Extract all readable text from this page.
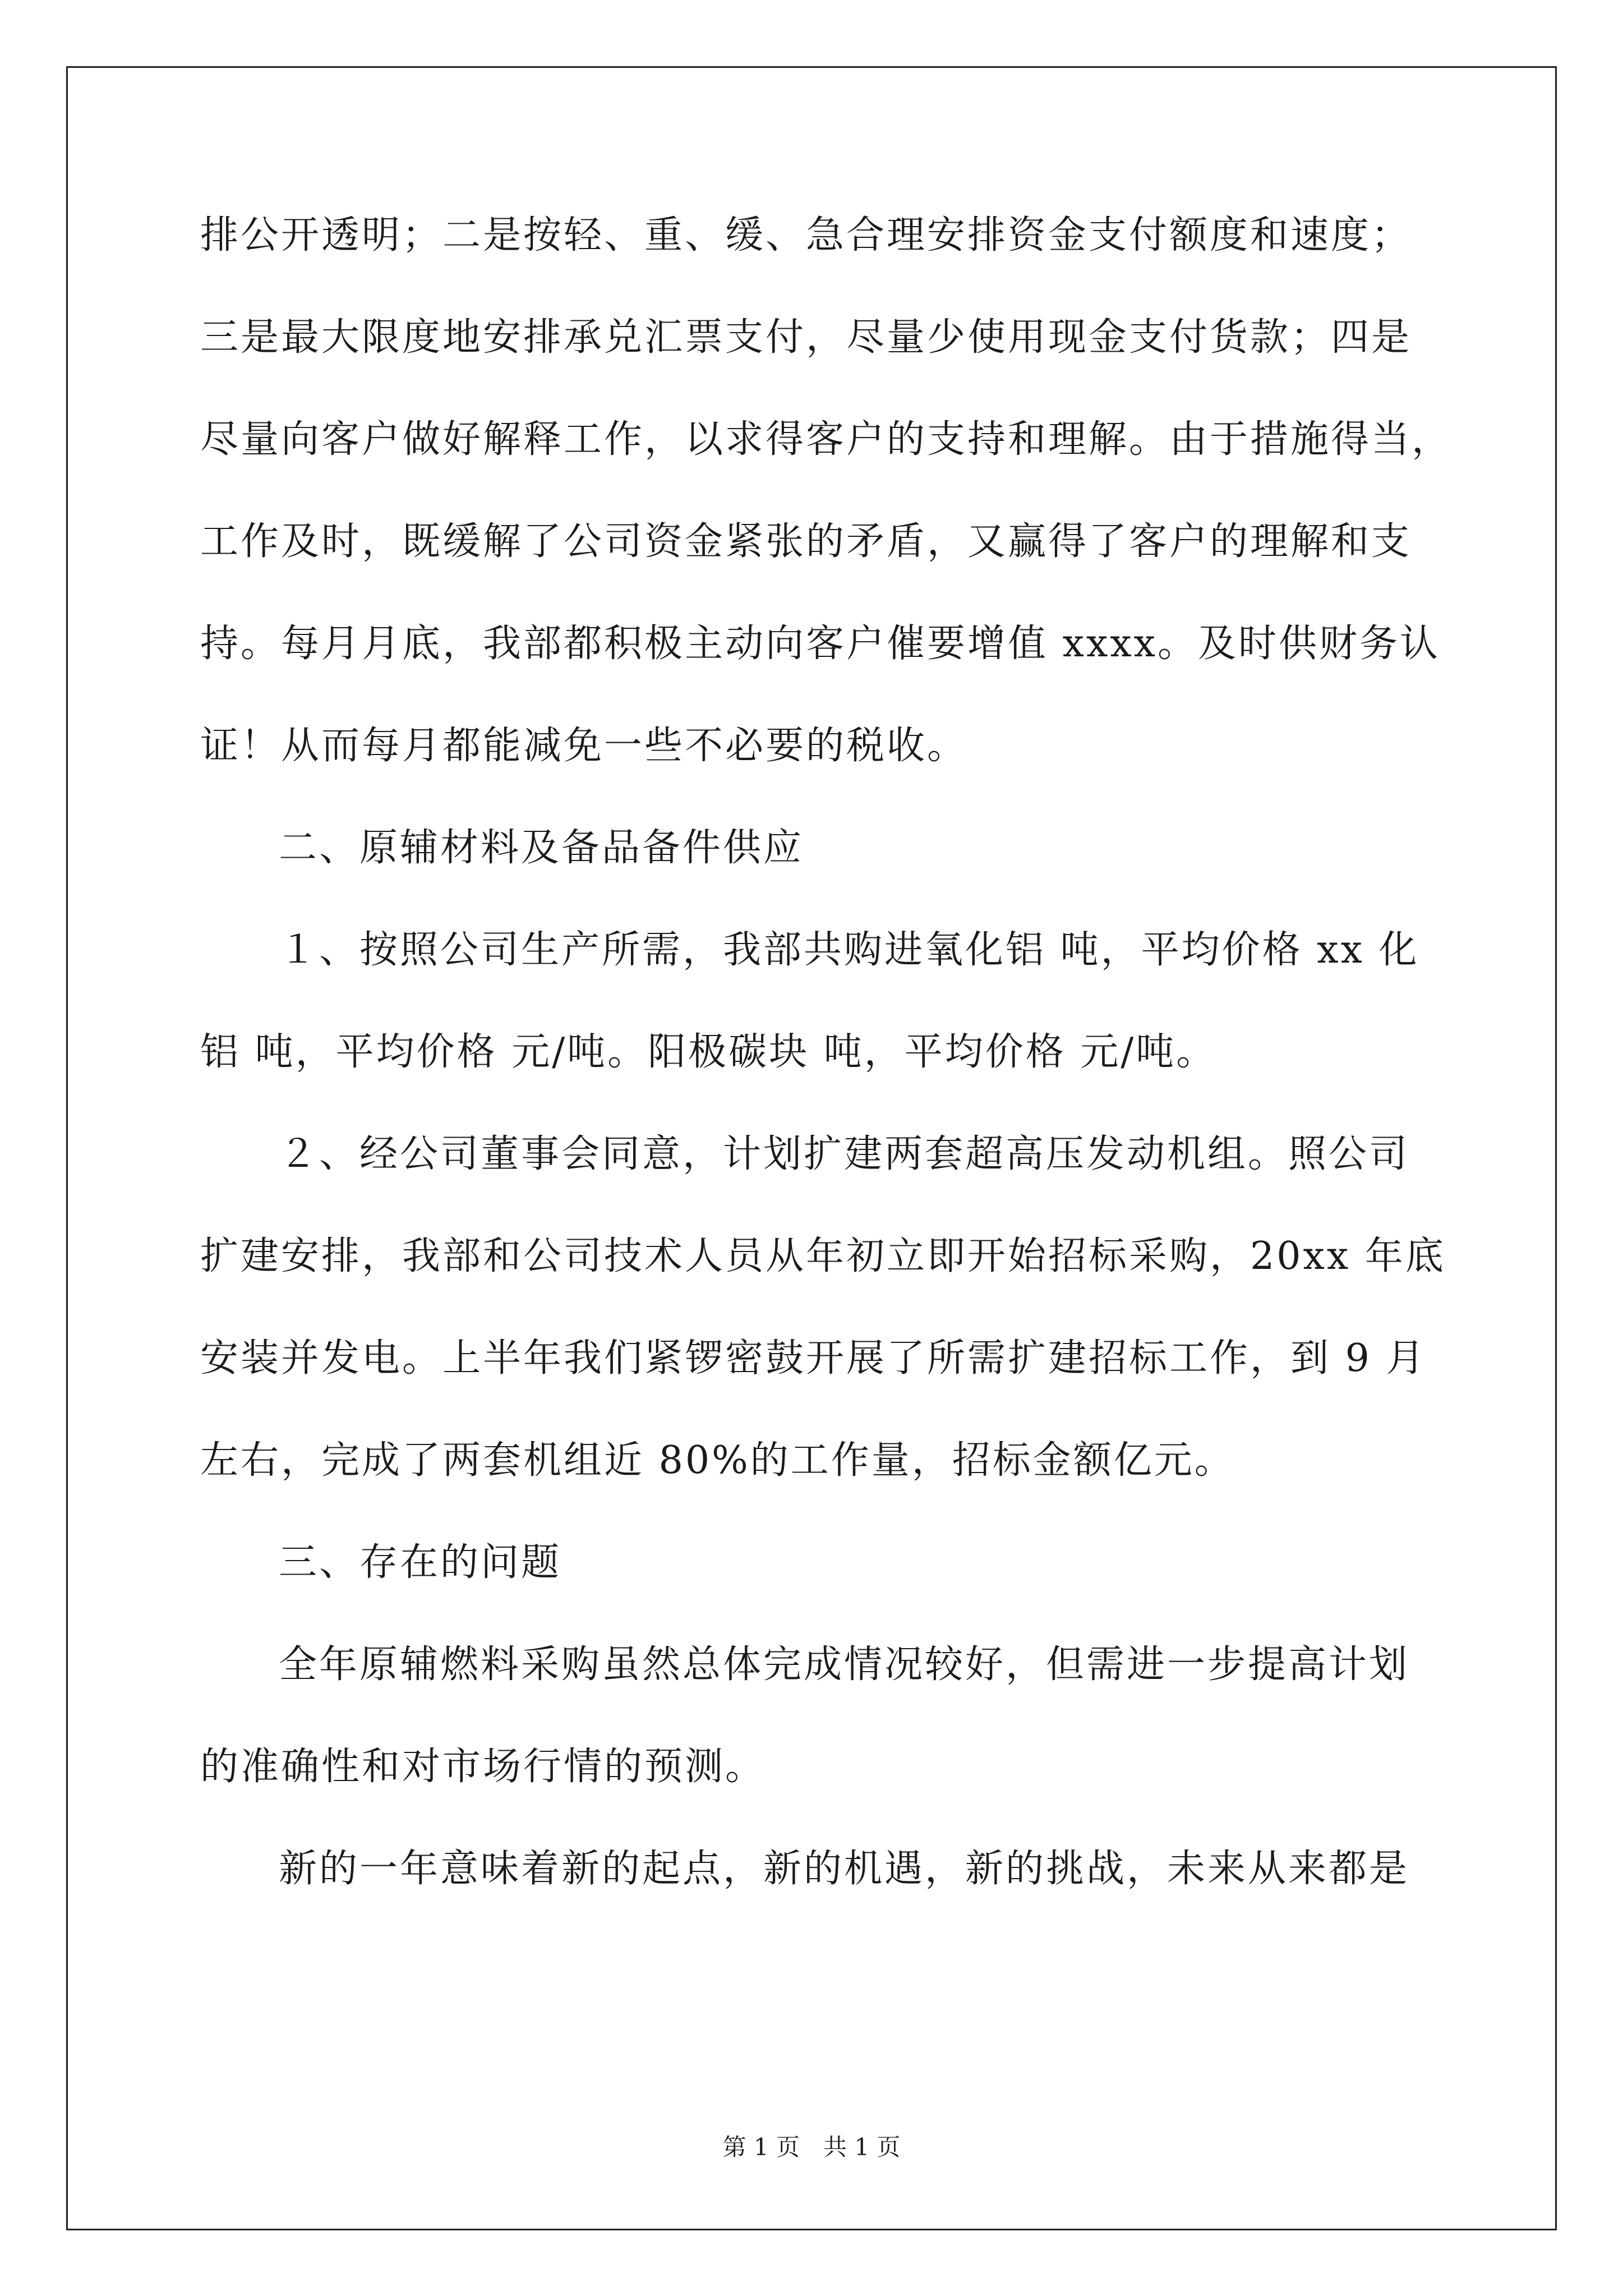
排公开透明；二是按轻、重、缓、急合理安排资金支付额度和速度；
三是最大限度地安排承兑汇票支付，尽量少使用现金支付货款；四是
尽量向客户做好解释工作，以求得客户的支持和理解。由于措施得当，
工作及时，既缓解了公司资金紧张的矛盾，又赢得了客户的理解和支
持。每月月底，我部都积极主动向客户催要增值 xxxx。及时供财务认
证！从而每月都能减免一些不必要的税收。
二、原辅材料及备品备件供应
１、按照公司生产所需，我部共购进氧化铝 吨，平均价格 xx 化
铝 吨，平均价格 元/吨。阳极碳块 吨，平均价格 元/吨。
２、经公司董事会同意，计划扩建两套超高压发动机组。照公司
扩建安排，我部和公司技术人员从年初立即开始招标采购，20xx 年底
安装并发电。上半年我们紧锣密鼓开展了所需扩建招标工作，到 9 月
左右，完成了两套机组近 80%的工作量，招标金额亿元。
三、存在的问题
全年原辅燃料采购虽然总体完成情况较好，但需进一步提高计划
的准确性和对市场行情的预测。
新的一年意味着新的起点，新的机遇，新的挑战，未来从来都是
第 1 页　共 1 页
